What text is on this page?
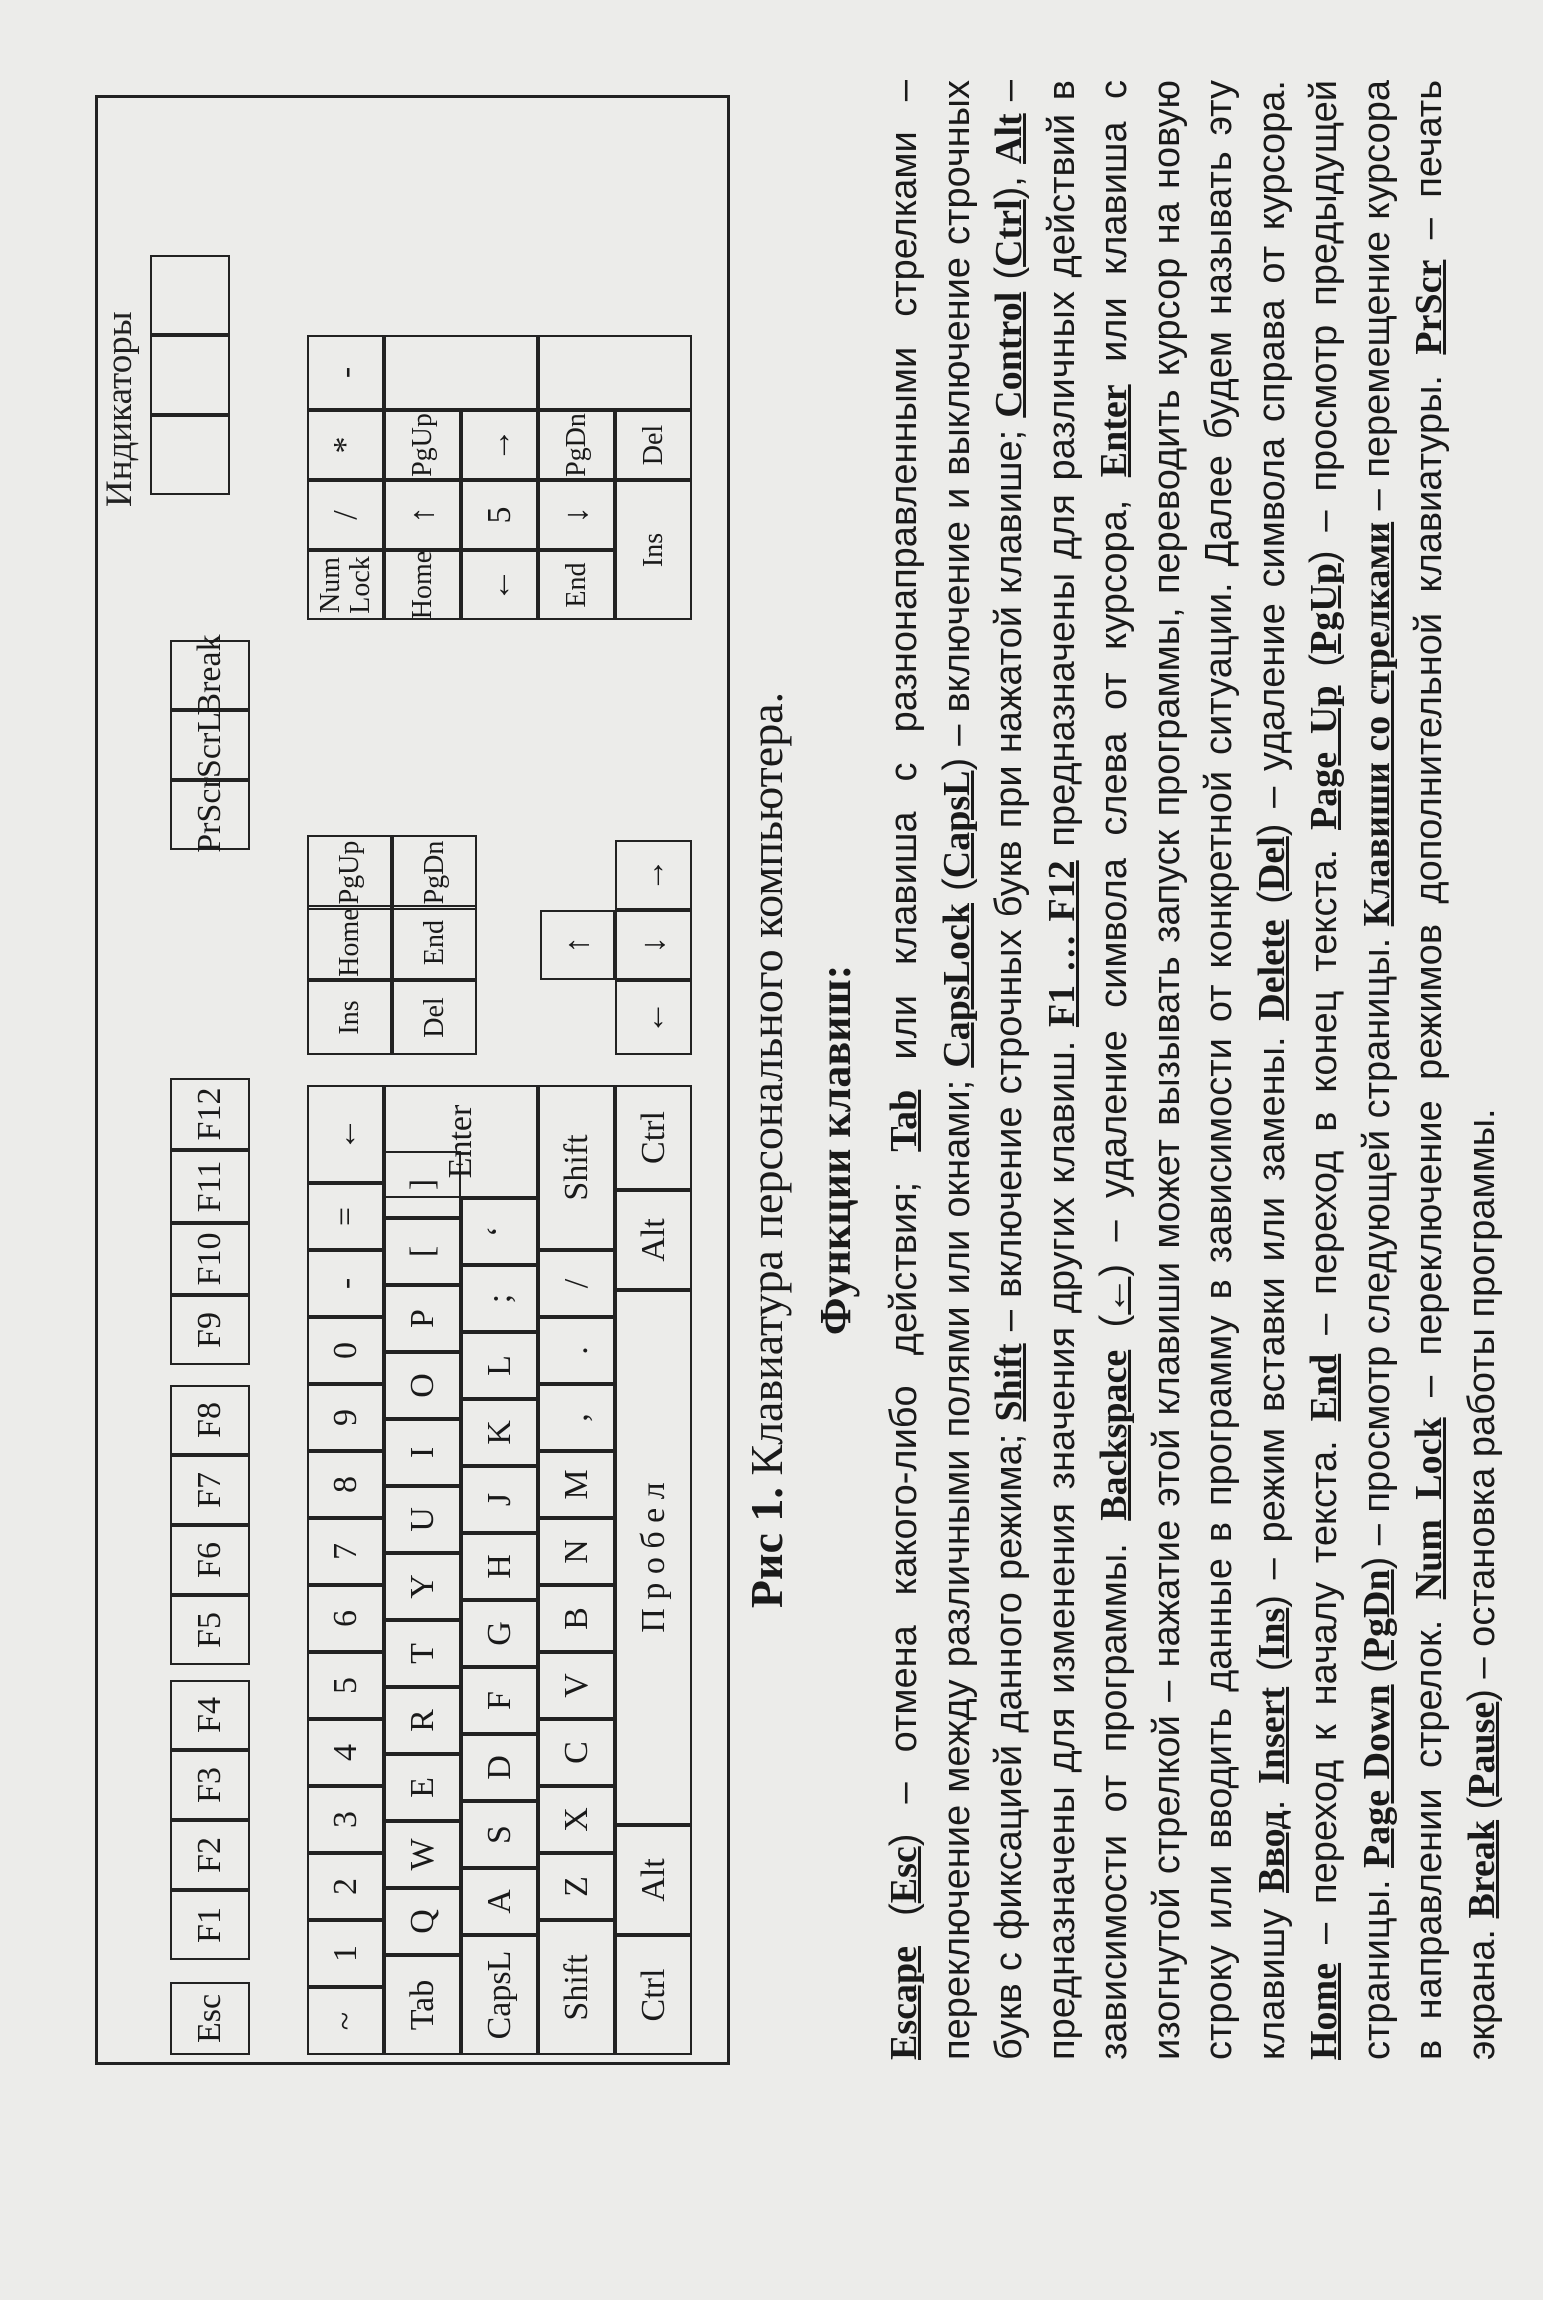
Индикаторы
Esc
F1
F2
F3
F4
F5
F6
F7
F8
F9
F10
F11
F12
PrScr
ScrL
Break
~
1
2
3
4
5
6
7
8
9
0
-
=
←
Tab
Q
W
E
R
T
Y
U
I
O
P
[
]
CapsL
A
S
D
F
G
H
J
K
L
;
‘
Enter
Shift
Z
X
C
V
B
N
M
,
.
/
Shift
Ctrl
Alt
П р о б е л
Alt
Ctrl
Ins
Home
PgUp
Del
End
PgDn
↑
←
↓
→
Num Lock
/
*
-
Home
↑
PgUp
←
5
→
End
↓
PgDn
Ins
Del
Рис 1. Клавиатура персонального компьютера. Функции клавиш:
Escape (Esc) – отмена какого-либо действия; Tab или клавиша с разнонаправленными стрелками – переключение между различными полями или окнами; CapsLock (CapsL) – включение и выключение строчных букв с фиксацией данного режима; Shift – включение строчных букв при нажатой клавише; Control (Ctrl), Alt – предназначены для изменения значения других клавиш. F1 … F12 предназначены для различных действий в зависимости от программы. Backspace (←) – удаление символа слева от курсора, Enter или клавиша с изогнутой стрелкой – нажатие этой клавиши может вызывать запуск программы, переводить курсор на новую строку или вводить данные в программу в зависимости от конкретной ситуации. Далее будем называть эту клавишу Ввод. Insert (Ins) – режим вставки или замены. Delete (Del) – удаление символа справа от курсора. Home – переход к началу текста. End – переход в конец текста. Page Up (PgUp) – просмотр предыдущей страницы. Page Down (PgDn) – просмотр следующей страницы. Клавиши со стрелками – перемещение курсора в направлении стрелок. Num Lock – переключение режимов дополнительной клавиатуры. PrScr – печать экрана. Break (Pause) – остановка работы программы.
